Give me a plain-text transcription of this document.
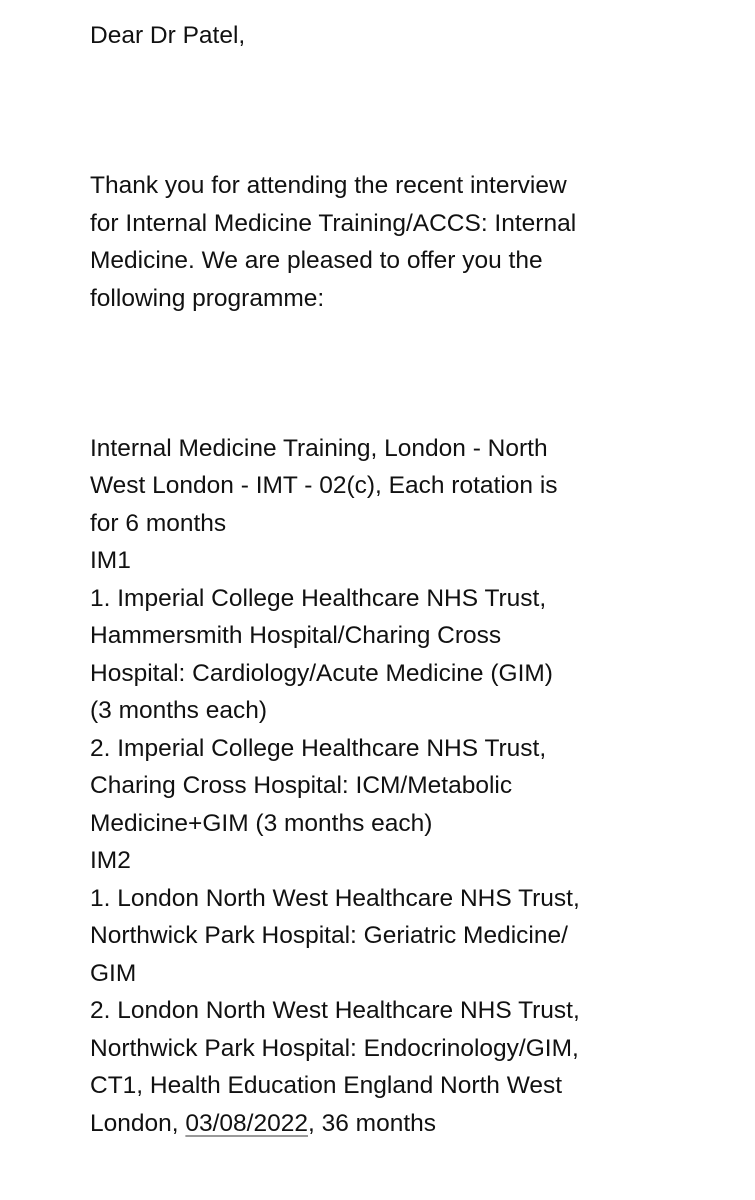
Dear Dr Patel,
Thank you for attending the recent interview
for Internal Medicine Training/ACCS: Internal
Medicine. We are pleased to offer you the
following programme:
Internal Medicine Training, London - North
West London - IMT - 02(c), Each rotation is
for 6 months
IM1
1. Imperial College Healthcare NHS Trust,
Hammersmith Hospital/Charing Cross
Hospital: Cardiology/Acute Medicine (GIM)
(3 months each)
2. Imperial College Healthcare NHS Trust,
Charing Cross Hospital: ICM/Metabolic
Medicine+GIM (3 months each)
IM2
1. London North West Healthcare NHS Trust,
Northwick Park Hospital: Geriatric Medicine/
GIM
2. London North West Healthcare NHS Trust,
Northwick Park Hospital: Endocrinology/GIM,
CT1, Health Education England North West
London, 03/08/2022, 36 months
